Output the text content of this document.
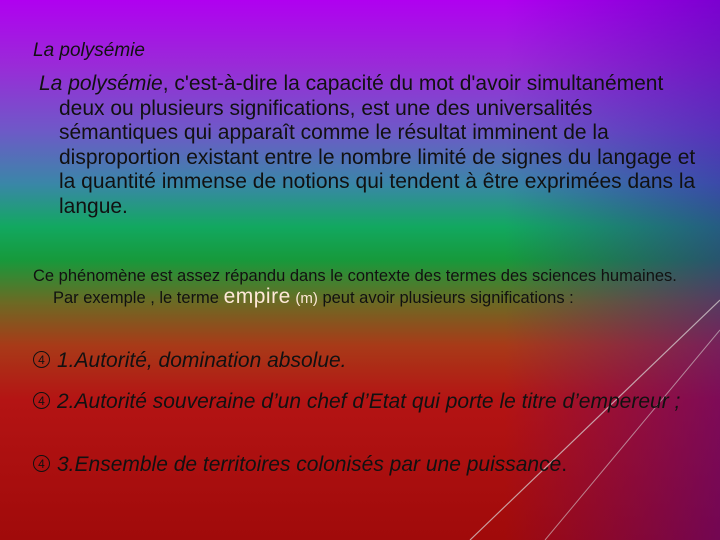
La polysémie
La polysémie, c'est-à-dire la capacité du mot d'avoir simultanément deux ou plusieurs significations, est une des universalités sémantiques qui apparaît comme le résultat imminent de la disproportion existant entre le nombre limité de signes du langage et la quantité immense de notions qui tendent à être exprimées dans la langue.
Ce phénomène est assez répandu dans le contexte des termes des sciences humaines. Par exemple , le terme empire (m) peut avoir plusieurs significations :
4 1.Autorité, domination absolue.
4 2.Autorité souveraine d’un chef d’Etat qui porte le titre d’empereur ;
4 3.Ensemble de territoires colonisés par une puissance.
